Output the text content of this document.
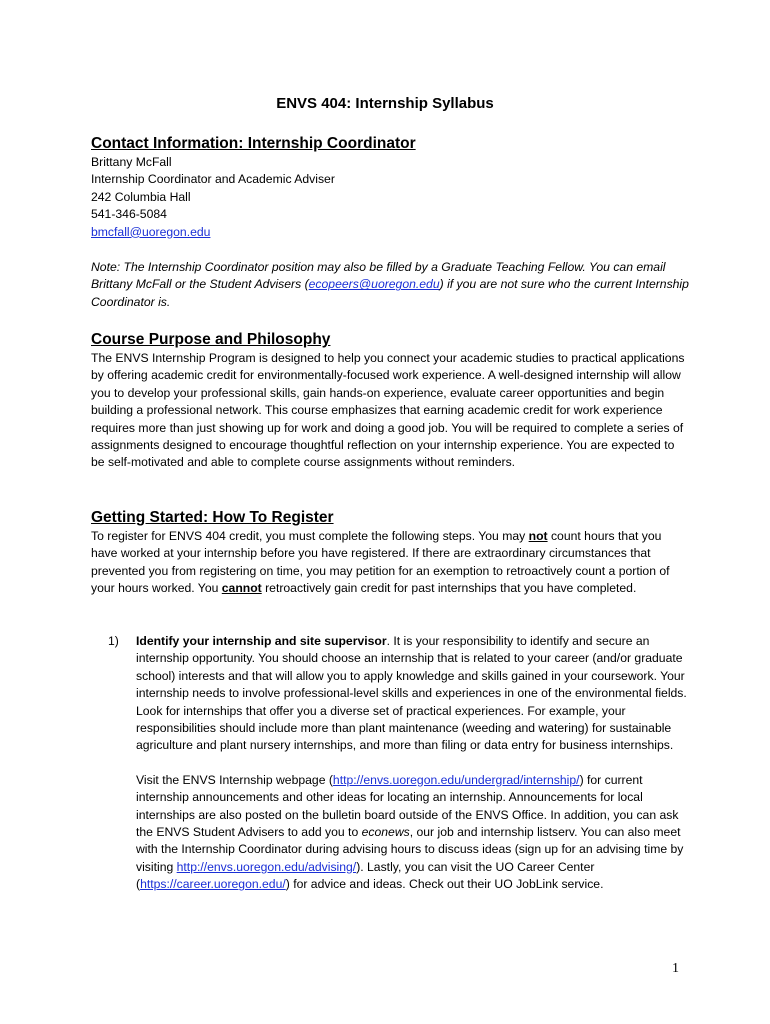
ENVS 404: Internship Syllabus
Contact Information: Internship Coordinator
Brittany McFall
Internship Coordinator and Academic Adviser
242 Columbia Hall
541-346-5084
bmcfall@uoregon.edu

Note: The Internship Coordinator position may also be filled by a Graduate Teaching Fellow. You can email Brittany McFall or the Student Advisers (ecopeers@uoregon.edu) if you are not sure who the current Internship Coordinator is.

Course Purpose and Philosophy

The ENVS Internship Program is designed to help you connect your academic studies to practical applications by offering academic credit for environmentally-focused work experience. A well-designed internship will allow you to develop your professional skills, gain hands-on experience, evaluate career opportunities and begin building a professional network. This course emphasizes that earning academic credit for work experience requires more than just showing up for work and doing a good job. You will be required to complete a series of assignments designed to encourage thoughtful reflection on your internship experience. You are expected to be self-motivated and able to complete course assignments without reminders.

Getting Started: How To Register

To register for ENVS 404 credit, you must complete the following steps. You may not count hours that you have worked at your internship before you have registered. If there are extraordinary circumstances that prevented you from registering on time, you may petition for an exemption to retroactively count a portion of your hours worked. You cannot retroactively gain credit for past internships that you have completed.

1) Identify your internship and site supervisor. It is your responsibility to identify and secure an internship opportunity. You should choose an internship that is related to your career (and/or graduate school) interests and that will allow you to apply knowledge and skills gained in your coursework. Your internship needs to involve professional-level skills and experiences in one of the environmental fields. Look for internships that offer you a diverse set of practical experiences. For example, your responsibilities should include more than plant maintenance (weeding and watering) for sustainable agriculture and plant nursery internships, and more than filing or data entry for business internships.

Visit the ENVS Internship webpage (http://envs.uoregon.edu/undergrad/internship/) for current internship announcements and other ideas for locating an internship. Announcements for local internships are also posted on the bulletin board outside of the ENVS Office. In addition, you can ask the ENVS Student Advisers to add you to econews, our job and internship listserv. You can also meet with the Internship Coordinator during advising hours to discuss ideas (sign up for an advising time by visiting http://envs.uoregon.edu/advising/). Lastly, you can visit the UO Career Center (https://career.uoregon.edu/) for advice and ideas. Check out their UO JobLink service.

1
